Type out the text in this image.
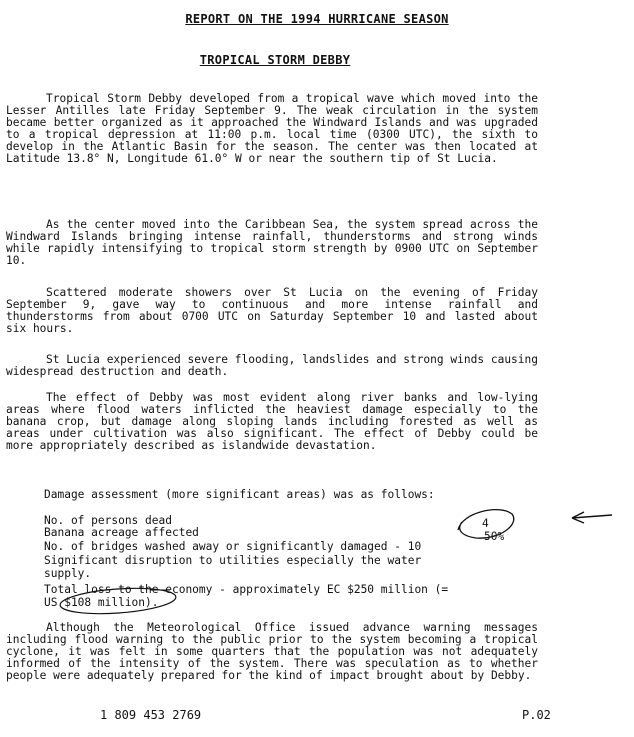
REPORT ON THE 1994 HURRICANE SEASON
TROPICAL STORM DEBBY

Tropical Storm Debby developed from a tropical wave which moved into the Lesser Antilles late Friday September 9. The weak circulation in the system became better organized as it approached the Windward Islands and was upgraded to a tropical depression at 11:00 p.m. local time (0300 UTC), the sixth to develop in the Atlantic Basin for the season. The center was then located at Latitude 13.8° N, Longitude 61.0° W or near the southern tip of St Lucia.

As the center moved into the Caribbean Sea, the system spread across the Windward Islands bringing intense rainfall, thunderstorms and strong winds while rapidly intensifying to tropical storm strength by 0900 UTC on September 10.

Scattered moderate showers over St Lucia on the evening of Friday September 9, gave way to continuous and more intense rainfall and thunderstorms from about 0700 UTC on Saturday September 10 and lasted about six hours.

St Lucia experienced severe flooding, landslides and strong winds causing widespread destruction and death.

The effect of Debby was most evident along river banks and low-lying areas where flood waters inflicted the heaviest damage especially to the banana crop, but damage along sloping lands including forested as well as areas under cultivation was also significant. The effect of Debby could be more appropriately described as islandwide devastation.

Damage assessment (more significant areas) was as follows:
No. of persons dead	4
Banana acreage affected	50%
No. of bridges washed away or significantly damaged - 10
Significant disruption to utilities especially the water
supply.
Total loss to the economy - approximately EC $250 million (=
US $108 million).

Although the Meteorological Office issued advance warning messages including flood warning to the public prior to the system becoming a tropical cyclone, it was felt in some quarters that the population was not adequately informed of the intensity of the system. There was speculation as to whether people were adequately prepared for the kind of impact brought about by Debby.

1 809 453 2769	P.02
